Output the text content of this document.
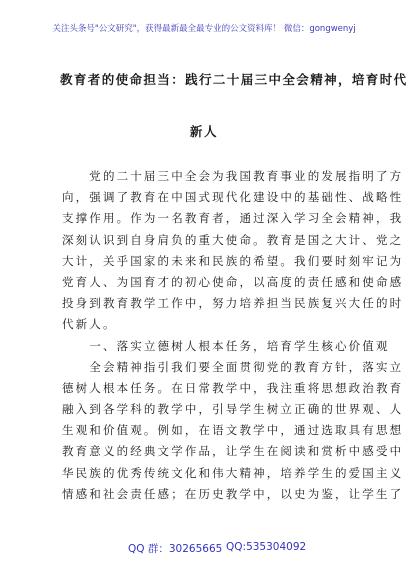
关注头条号"公文研究"，获得最新最全最专业的公文资料库！ 微信：gongwenyj
教育者的使命担当：践行二十届三中全会精神，培育时代
新人
　　党的二十届三中全会为我国教育事业的发展指明了方
向，强调了教育在中国式现代化建设中的基础性、战略性
支撑作用。作为一名教育者，通过深入学习全会精神，我
深刻认识到自身肩负的重大使命。教育是国之大计、党之
大计，关乎国家的未来和民族的希望。我们要时刻牢记为
党育人、为国育才的初心使命，以高度的责任感和使命感
投身到教育教学工作中，努力培养担当民族复兴大任的时
代新人。
　　一、落实立德树人根本任务，培育学生核心价值观
　　全会精神指引我们要全面贯彻党的教育方针，落实立
德树人根本任务。在日常教学中，我注重将思想政治教育
融入到各学科的教学中，引导学生树立正确的世界观、人
生观和价值观。例如，在语文教学中，通过选取具有思想
教育意义的经典文学作品，让学生在阅读和赏析中感受中
华民族的优秀传统文化和伟大精神，培养学生的爱国主义
情感和社会责任感；在历史教学中，以史为鉴，让学生了
QQ 群：30265665 QQ:535304092
